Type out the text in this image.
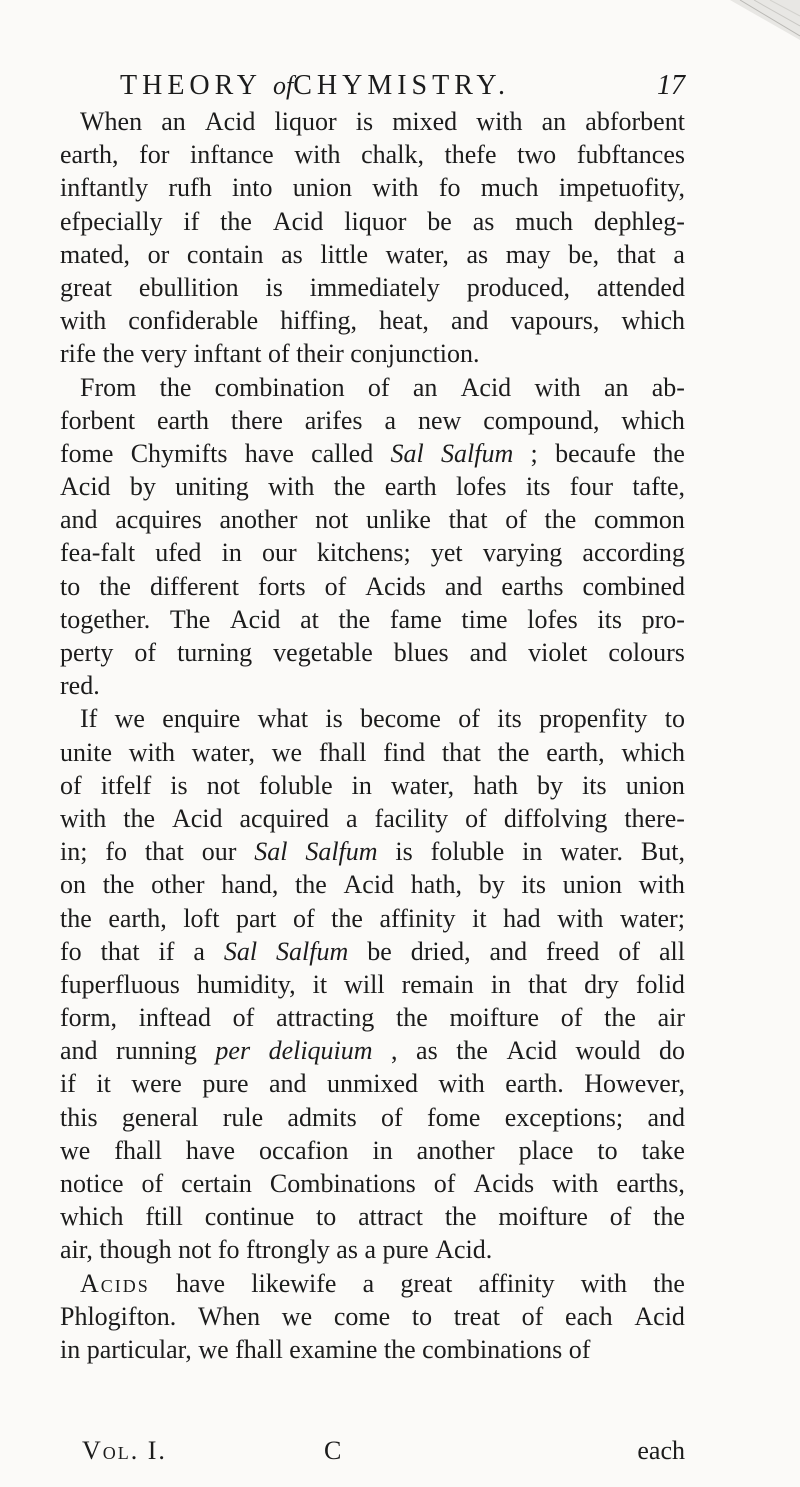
THEORY ofCHYMISTRY.	17
When an Acid liquor is mixed with an abforbent
earth, for inftance with chalk, thefe two fubftances
inftantly rufh into union with fo much impetuofity,
efpecially if the Acid liquor be as much dephleg-
mated, or contain as little water, as may be, that a
great ebullition is immediately produced, attended
with confiderable hiffing, heat, and vapours, which
rife the very inftant of their conjunction.
From the combination of an Acid with an ab-
forbent earth there arifes a new compound, which
fome Chymifts have called Sal Salfum ; becaufe the
Acid by uniting with the earth lofes its four tafte,
and acquires another not unlike that of the common
fea-falt ufed in our kitchens; yet varying according
to the different forts of Acids and earths combined
together. The Acid at the fame time lofes its pro-
perty of turning vegetable blues and violet colours
red.
If we enquire what is become of its propenfity to
unite with water, we fhall find that the earth, which
of itfelf is not foluble in water, hath by its union
with the Acid acquired a facility of diffolving there-
in; fo that our Sal Salfum is foluble in water. But,
on the other hand, the Acid hath, by its union with
the earth, loft part of the affinity it had with water;
fo that if a Sal Salfum be dried, and freed of all
fuperfluous humidity, it will remain in that dry folid
form, inftead of attracting the moifture of the air
and running per deliquium , as the Acid would do
if it were pure and unmixed with earth. However,
this general rule admits of fome exceptions; and
we fhall have occafion in another place to take
notice of certain Combinations of Acids with earths,
which ftill continue to attract the moifture of the
air, though not fo ftrongly as a pure Acid.
Acids have likewife a great affinity with the
Phlogifton. When we come to treat of each Acid
in particular, we fhall examine the combinations of
Vol. I.	C	each
